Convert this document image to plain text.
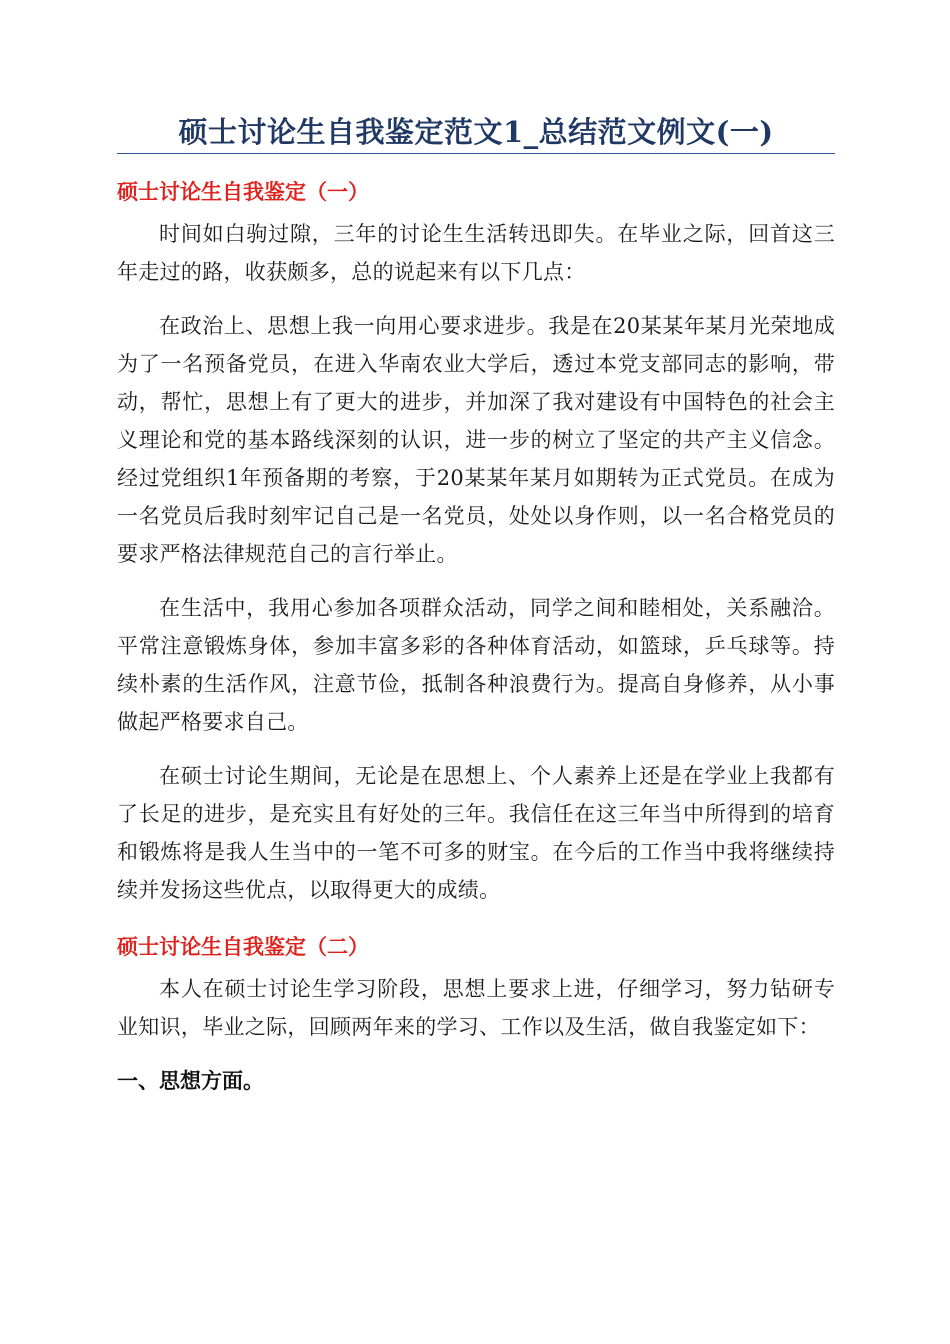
硕士讨论生自我鉴定范文1_总结范文例文(一)
硕士讨论生自我鉴定（一）

时间如白驹过隙，三年的讨论生生活转迅即失。在毕业之际，回首这三年走过的路，收获颇多，总的说起来有以下几点：

在政治上、思想上我一向用心要求进步。我是在20某某年某月光荣地成为了一名预备党员，在进入华南农业大学后，透过本党支部同志的影响，带动，帮忙，思想上有了更大的进步，并加深了我对建设有中国特色的社会主义理论和党的基本路线深刻的认识，进一步的树立了坚定的共产主义信念。经过党组织1年预备期的考察，于20某某年某月如期转为正式党员。在成为一名党员后我时刻牢记自己是一名党员，处处以身作则，以一名合格党员的要求严格法律规范自己的言行举止。

在生活中，我用心参加各项群众活动，同学之间和睦相处，关系融洽。平常注意锻炼身体，参加丰富多彩的各种体育活动，如篮球，乒乓球等。持续朴素的生活作风，注意节俭，抵制各种浪费行为。提高自身修养，从小事做起严格要求自己。

在硕士讨论生期间，无论是在思想上、个人素养上还是在学业上我都有了长足的进步，是充实且有好处的三年。我信任在这三年当中所得到的培育和锻炼将是我人生当中的一笔不可多的财宝。在今后的工作当中我将继续持续并发扬这些优点，以取得更大的成绩。

硕士讨论生自我鉴定（二）

本人在硕士讨论生学习阶段，思想上要求上进，仔细学习，努力钻研专业知识，毕业之际，回顾两年来的学习、工作以及生活，做自我鉴定如下：

一、思想方面。
